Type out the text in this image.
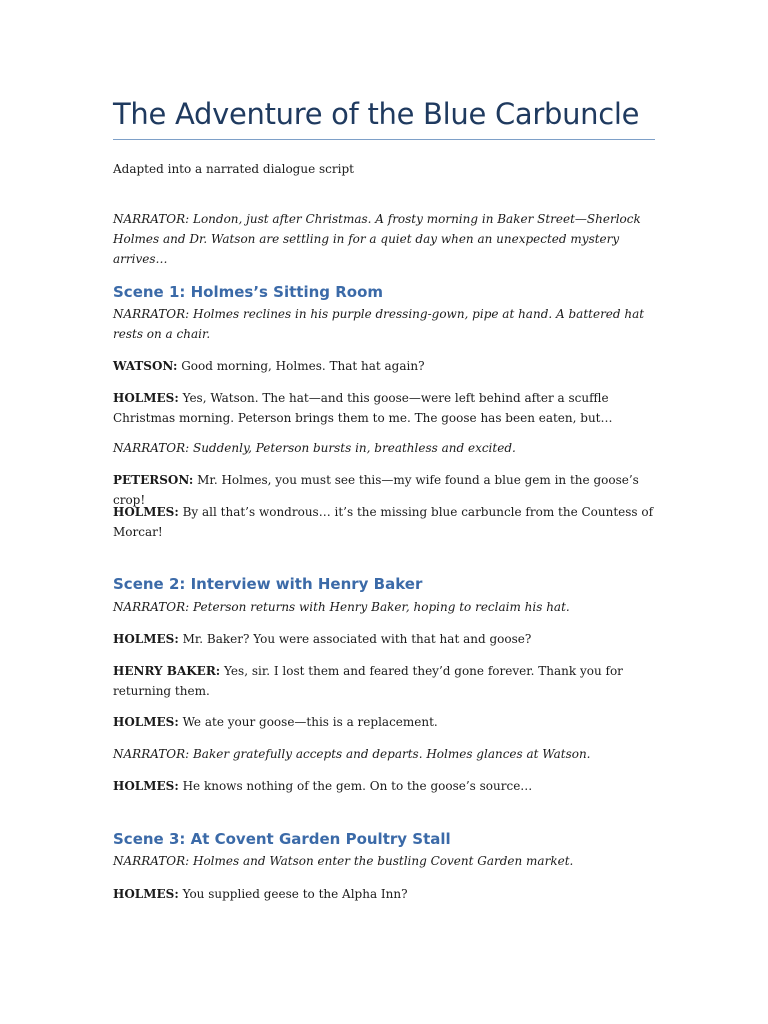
The Adventure of the Blue Carbuncle
Adapted into a narrated dialogue script
NARRATOR: London, just after Christmas. A frosty morning in Baker Street—Sherlock Holmes and Dr. Watson are settling in for a quiet day when an unexpected mystery arrives…
Scene 1: Holmes’s Sitting Room
NARRATOR: Holmes reclines in his purple dressing-gown, pipe at hand. A battered hat rests on a chair.
WATSON: Good morning, Holmes. That hat again?
HOLMES: Yes, Watson. The hat—and this goose—were left behind after a scuffle Christmas morning. Peterson brings them to me. The goose has been eaten, but…
NARRATOR: Suddenly, Peterson bursts in, breathless and excited.
PETERSON: Mr. Holmes, you must see this—my wife found a blue gem in the goose’s crop!
HOLMES: By all that’s wondrous… it’s the missing blue carbuncle from the Countess of Morcar!
Scene 2: Interview with Henry Baker
NARRATOR: Peterson returns with Henry Baker, hoping to reclaim his hat.
HOLMES: Mr. Baker? You were associated with that hat and goose?
HENRY BAKER: Yes, sir. I lost them and feared they’d gone forever. Thank you for returning them.
HOLMES: We ate your goose—this is a replacement.
NARRATOR: Baker gratefully accepts and departs. Holmes glances at Watson.
HOLMES: He knows nothing of the gem. On to the goose’s source…
Scene 3: At Covent Garden Poultry Stall
NARRATOR: Holmes and Watson enter the bustling Covent Garden market.
HOLMES: You supplied geese to the Alpha Inn?
